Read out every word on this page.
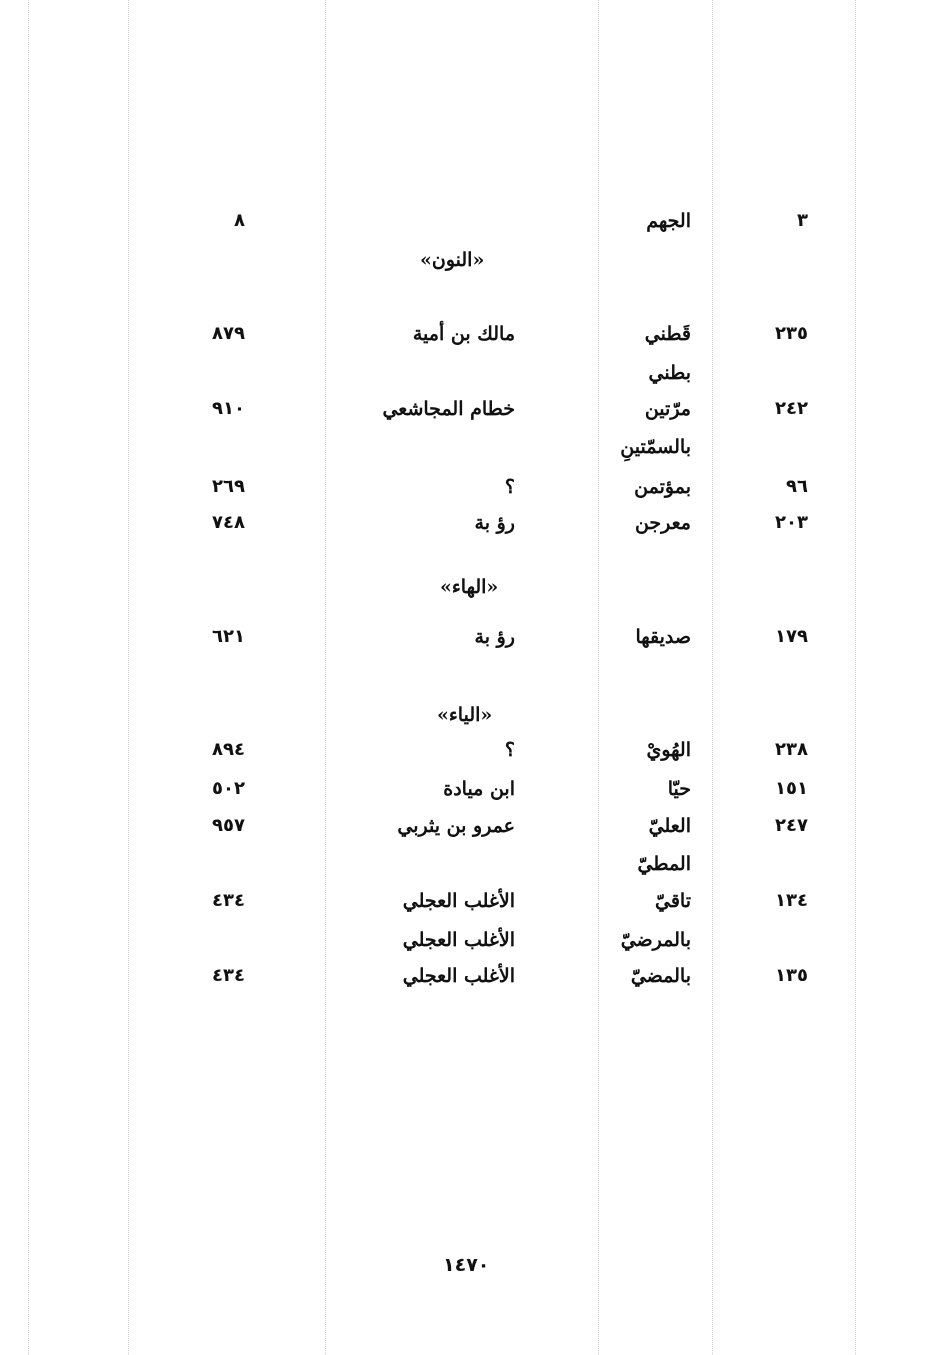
٣
الجهم
٨
«النون»
٢٣٥
قَطني
مالك بن أمية
٨٧٩
بطني
٢٤٢
مرّتين
خطام المجاشعي
٩١٠
بالسمّتينِ
٩٦
بمؤتمن
؟
٢٦٩
٢٠٣
معرجن
رؤ بة
٧٤٨
«الهاء»
١٧٩
صديقها
رؤ بة
٦٢١
«الياء»
٢٣٨
الهُويْ
؟
٨٩٤
١٥١
حيّا
ابن ميادة
٥٠٢
٢٤٧
العليّ
عمرو بن يثربي
٩٥٧
المطيّ
١٣٤
تاقيّ
الأغلب العجلي
٤٣٤
بالمرضيّ
الأغلب العجلي
١٣٥
بالمضيّ
الأغلب العجلي
٤٣٤
١٤٧٠
